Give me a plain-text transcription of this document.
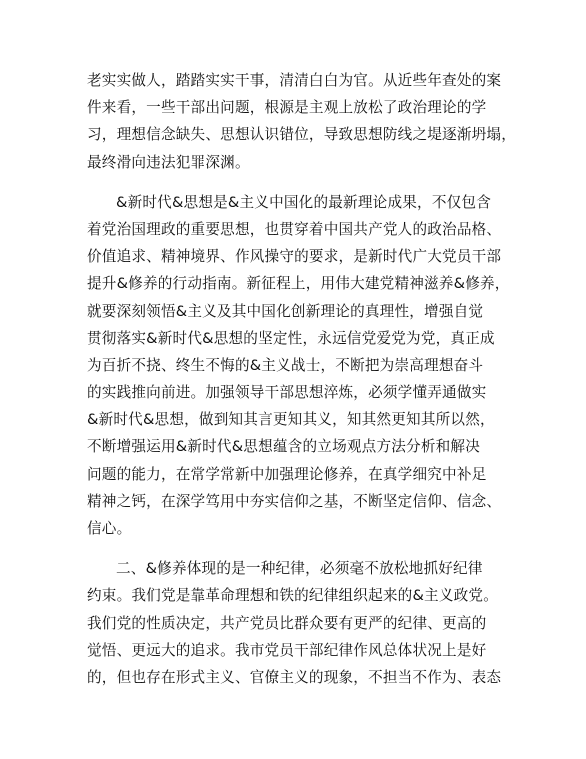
老实实做人，踏踏实实干事，清清白白为官。从近些年查处的案
件来看，一些干部出问题，根源是主观上放松了政治理论的学
习，理想信念缺失、思想认识错位，导致思想防线之堤逐渐坍塌，
最终滑向违法犯罪深渊。
&新时代&思想是&主义中国化的最新理论成果，不仅包含
着党治国理政的重要思想，也贯穿着中国共产党人的政治品格、
价值追求、精神境界、作风操守的要求，是新时代广大党员干部
提升&修养的行动指南。新征程上，用伟大建党精神滋养&修养，
就要深刻领悟&主义及其中国化创新理论的真理性，增强自觉
贯彻落实&新时代&思想的坚定性，永远信党爱党为党，真正成
为百折不挠、终生不悔的&主义战士，不断把为崇高理想奋斗
的实践推向前进。加强领导干部思想淬炼，必须学懂弄通做实
&新时代&思想，做到知其言更知其义，知其然更知其所以然，
不断增强运用&新时代&思想蕴含的立场观点方法分析和解决
问题的能力，在常学常新中加强理论修养，在真学细究中补足
精神之钙，在深学笃用中夯实信仰之基，不断坚定信仰、信念、
信心。
二、&修养体现的是一种纪律，必须毫不放松地抓好纪律
约束。我们党是靠革命理想和铁的纪律组织起来的&主义政党。
我们党的性质决定，共产党员比群众要有更严的纪律、更高的
觉悟、更远大的追求。我市党员干部纪律作风总体状况上是好
的，但也存在形式主义、官僚主义的现象，不担当不作为、表态
